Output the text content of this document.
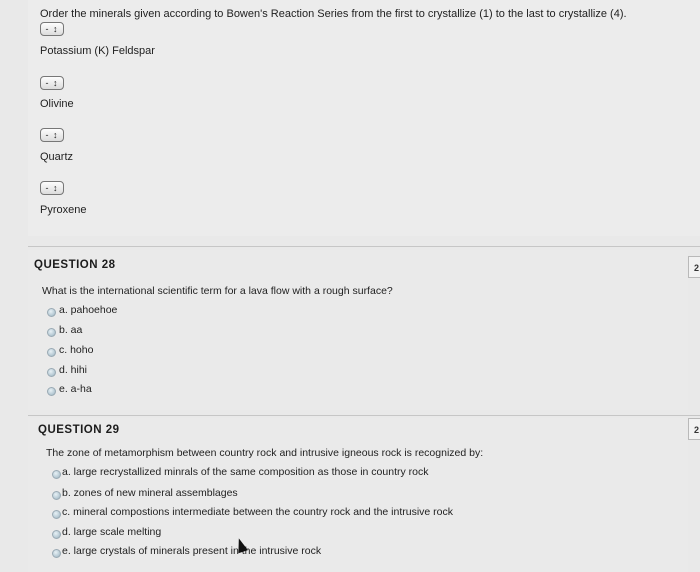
Order the minerals given according to Bowen's Reaction Series from the first to crystallize (1) to the last to crystallize (4).
- ↕
Potassium (K) Feldspar
- ↕
Olivine
- ↕
Quartz
- ↕
Pyroxene
QUESTION 28
What is the international scientific term for a lava flow with a rough surface?
a. pahoehoe
b. aa
c. hoho
d. hihi
e. a-ha
2
QUESTION 29
The zone of metamorphism between country rock and intrusive igneous rock is recognized by:
a. large recrystallized minrals of the same composition as those in country rock
b. zones of new mineral assemblages
c. mineral compostions intermediate between the country rock and the intrusive rock
d. large scale melting
e. large crystals of minerals present in the intrusive rock
2
